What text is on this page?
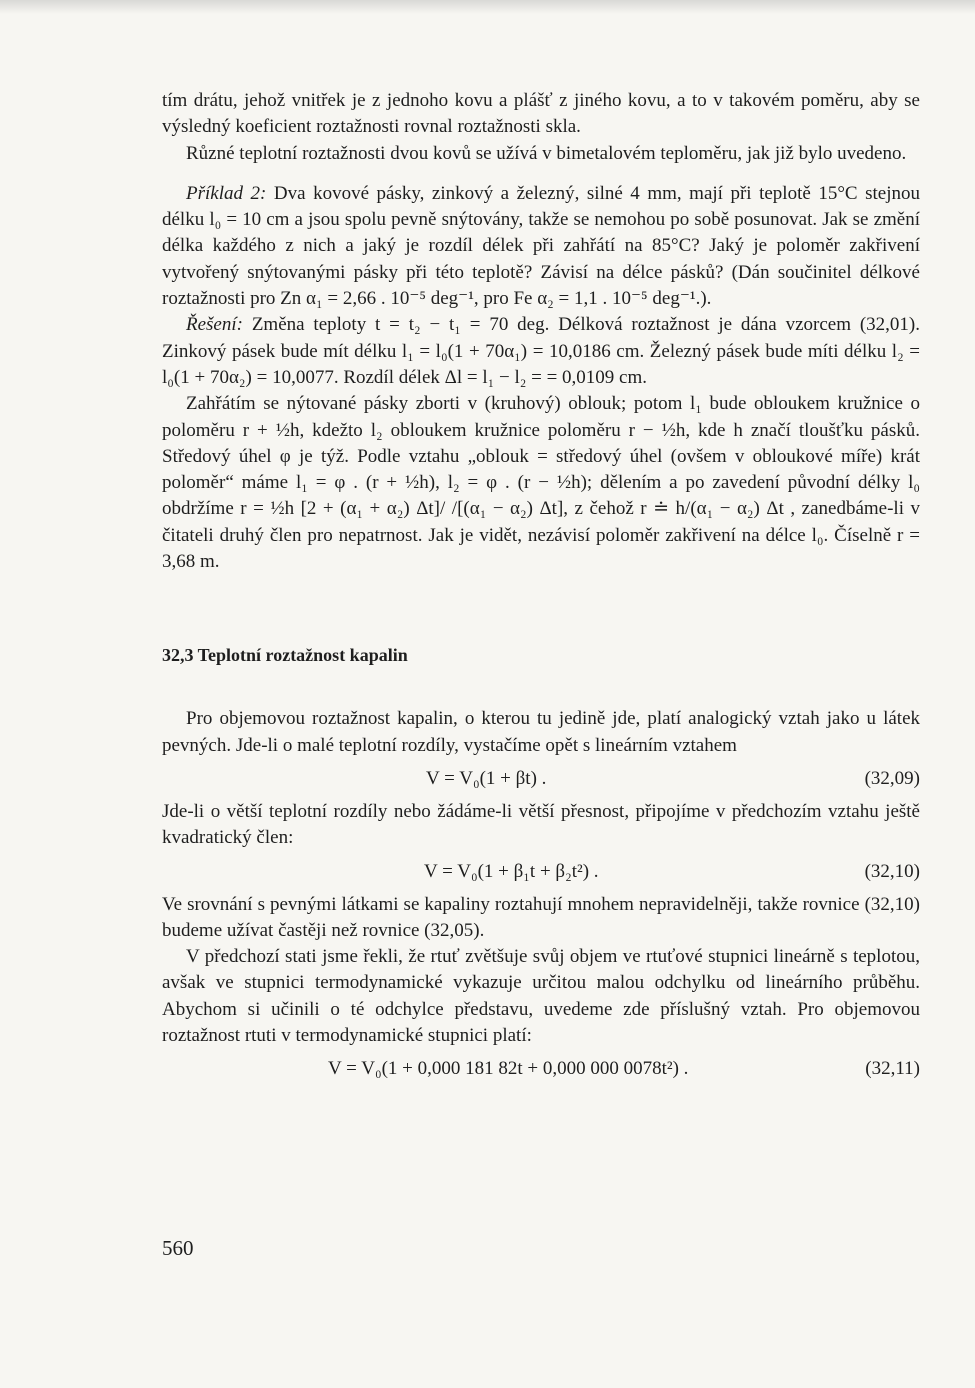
tím drátu, jehož vnitřek je z jednoho kovu a plášť z jiného kovu, a to v takovém poměru, aby se výsledný koeficient roztažnosti rovnal roztažnosti skla.

Různé teplotní roztažnosti dvou kovů se užívá v bimetalovém teploměru, jak již bylo uvedeno.

Příklad 2: Dva kovové pásky, zinkový a železný, silné 4 mm, mají při teplotě 15°C stejnou délku l₀ = 10 cm a jsou spolu pevně snýtovány, takže se nemohou po sobě posunovat. Jak se změní délka každého z nich a jaký je rozdíl délek při zahřátí na 85°C? Jaký je poloměr zakřivení vytvořený snýtovanými pásky při této teplotě? Závisí na délce pásků? (Dán součinitel délkové roztažnosti pro Zn α₁ = 2,66 . 10⁻⁵ deg⁻¹, pro Fe α₂ = 1,1 . 10⁻⁵ deg⁻¹.).

Řešení: Změna teploty t = t₂ − t₁ = 70 deg. Délková roztažnost je dána vzorcem (32,01). Zinkový pásek bude mít délku l₁ = l₀(1 + 70α₁) = 10,0186 cm. Železný pásek bude míti délku l₂ = l₀(1 + 70α₂) = 10,0077. Rozdíl délek Δl = l₁ − l₂ = = 0,0109 cm.

Zahřátím se nýtované pásky zborti v (kruhový) oblouk; potom l₁ bude obloukem kružnice o poloměru r + ½h, kdežto l₂ obloukem kružnice poloměru r − ½h, kde h značí tloušťku pásků. Středový úhel φ je týž. Podle vztahu „oblouk = středový úhel (ovšem v obloukové míře) krát poloměr“ máme l₁ = φ . (r + ½h), l₂ = φ . (r − ½h); dělením a po zavedení původní délky l₀ obdržíme r = ½h [2 + (α₁ + α₂) Δt]/ /[(α₁ − α₂) Δt], z čehož r ≐ h/(α₁ − α₂) Δt , zanedbáme-li v čitateli druhý člen pro nepatrnost. Jak je vidět, nezávisí poloměr zakřivení na délce l₀. Číselně r = 3,68 m.

32,3 Teplotní roztažnost kapalin

Pro objemovou roztažnost kapalin, o kterou tu jedině jde, platí analogický vztah jako u látek pevných. Jde-li o malé teplotní rozdíly, vystačíme opět s lineárním vztahem

V = V₀(1 + βt) .	(32,09)

Jde-li o větší teplotní rozdíly nebo žádáme-li větší přesnost, připojíme v předchozím vztahu ještě kvadratický člen:

V = V₀(1 + β₁t + β₂t²) .	(32,10)

Ve srovnání s pevnými látkami se kapaliny roztahují mnohem nepravidelněji, takže rovnice (32,10) budeme užívat častěji než rovnice (32,05).

V předchozí stati jsme řekli, že rtuť zvětšuje svůj objem ve rtuťové stupnici lineárně s teplotou, avšak ve stupnici termodynamické vykazuje určitou malou odchylku od lineárního průběhu. Abychom si učinili o té odchylce představu, uvedeme zde příslušný vztah. Pro objemovou roztažnost rtuti v termodynamické stupnici platí:

V = V₀(1 + 0,000 181 82t + 0,000 000 0078t²) .	(32,11)
560
